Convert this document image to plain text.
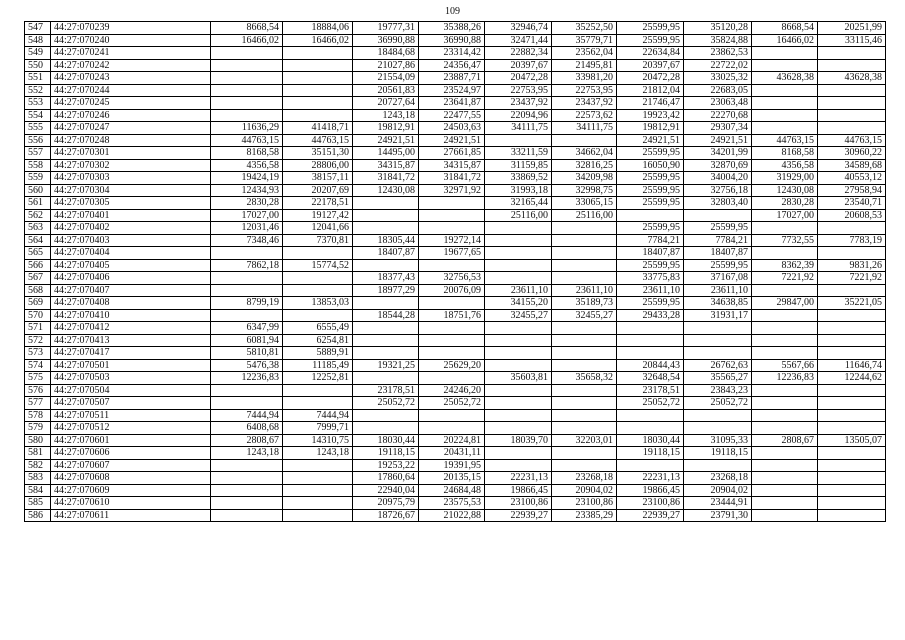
109
547	44:27:070239	8668,54	18884,06	19777,31	35388,26	32946,74	35252,50	25599,95	35120,28	8668,54	20251,99
548	44:27:070240	16466,02	16466,02	36990,88	36990,88	32471,44	35779,71	25599,95	35824,88	16466,02	33115,46
549	44:27:070241			18484,68	23314,42	22882,34	23562,04	22634,84	23862,53		
550	44:27:070242			21027,86	24356,47	20397,67	21495,81	20397,67	22722,02		
551	44:27:070243			21554,09	23887,71	20472,28	33981,20	20472,28	33025,32	43628,38	43628,38
552	44:27:070244			20561,83	23524,97	22753,95	22753,95	21812,04	22683,05		
553	44:27:070245			20727,64	23641,87	23437,92	23437,92	21746,47	23063,48		
554	44:27:070246			1243,18	22477,55	22094,96	22573,62	19923,42	22270,68		
555	44:27:070247	11636,29	41418,71	19812,91	24503,63	34111,75	34111,75	19812,91	29307,34		
556	44:27:070248	44763,15	44763,15	24921,51	24921,51			24921,51	24921,51	44763,15	44763,15
557	44:27:070301	8168,58	35151,30	14495,00	27661,85	33211,59	34662,04	25599,95	34201,99	8168,58	30960,22
558	44:27:070302	4356,58	28806,00	34315,87	34315,87	31159,85	32816,25	16050,90	32870,69	4356,58	34589,68
559	44:27:070303	19424,19	38157,11	31841,72	31841,72	33869,52	34209,98	25599,95	34004,20	31929,00	40553,12
560	44:27:070304	12434,93	20207,69	12430,08	32971,92	31993,18	32998,75	25599,95	32756,18	12430,08	27958,94
561	44:27:070305	2830,28	22178,51			32165,44	33065,15	25599,95	32803,40	2830,28	23540,71
562	44:27:070401	17027,00	19127,42			25116,00	25116,00			17027,00	20608,53
563	44:27:070402	12031,46	12041,66					25599,95	25599,95		
564	44:27:070403	7348,46	7370,81	18305,44	19272,14			7784,21	7784,21	7732,55	7783,19
565	44:27:070404			18407,87	19677,65			18407,87	18407,87		
566	44:27:070405	7862,18	15774,52					25599,95	25599,95	8362,39	9831,26
567	44:27:070406			18377,43	32756,53			33775,83	37167,08	7221,92	7221,92
568	44:27:070407			18977,29	20076,09	23611,10	23611,10	23611,10	23611,10		
569	44:27:070408	8799,19	13853,03			34155,20	35189,73	25599,95	34638,85	29847,00	35221,05
570	44:27:070410			18544,28	18751,76	32455,27	32455,27	29433,28	31931,17		
571	44:27:070412	6347,99	6555,49								
572	44:27:070413	6081,94	6254,81								
573	44:27:070417	5810,81	5889,91								
574	44:27:070501	5476,38	11185,49	19321,25	25629,20			20844,43	26762,63	5567,66	11646,74
575	44:27:070503	12236,83	12252,81			35603,81	35658,32	32648,54	35565,27	12236,83	12244,62
576	44:27:070504			23178,51	24246,20			23178,51	23843,23		
577	44:27:070507			25052,72	25052,72			25052,72	25052,72		
578	44:27:070511	7444,94	7444,94								
579	44:27:070512	6408,68	7999,71								
580	44:27:070601	2808,67	14310,75	18030,44	20224,81	18039,70	32203,01	18030,44	31095,33	2808,67	13505,07
581	44:27:070606	1243,18	1243,18	19118,15	20431,11			19118,15	19118,15		
582	44:27:070607			19253,22	19391,95						
583	44:27:070608			17860,64	20135,15	22231,13	23268,18	22231,13	23268,18		
584	44:27:070609			22940,04	24684,48	19866,45	20904,02	19866,45	20904,02		
585	44:27:070610			20975,79	23575,53	23100,86	23100,86	23100,86	23444,91		
586	44:27:070611			18726,67	21022,88	22939,27	23385,29	22939,27	23791,30		
